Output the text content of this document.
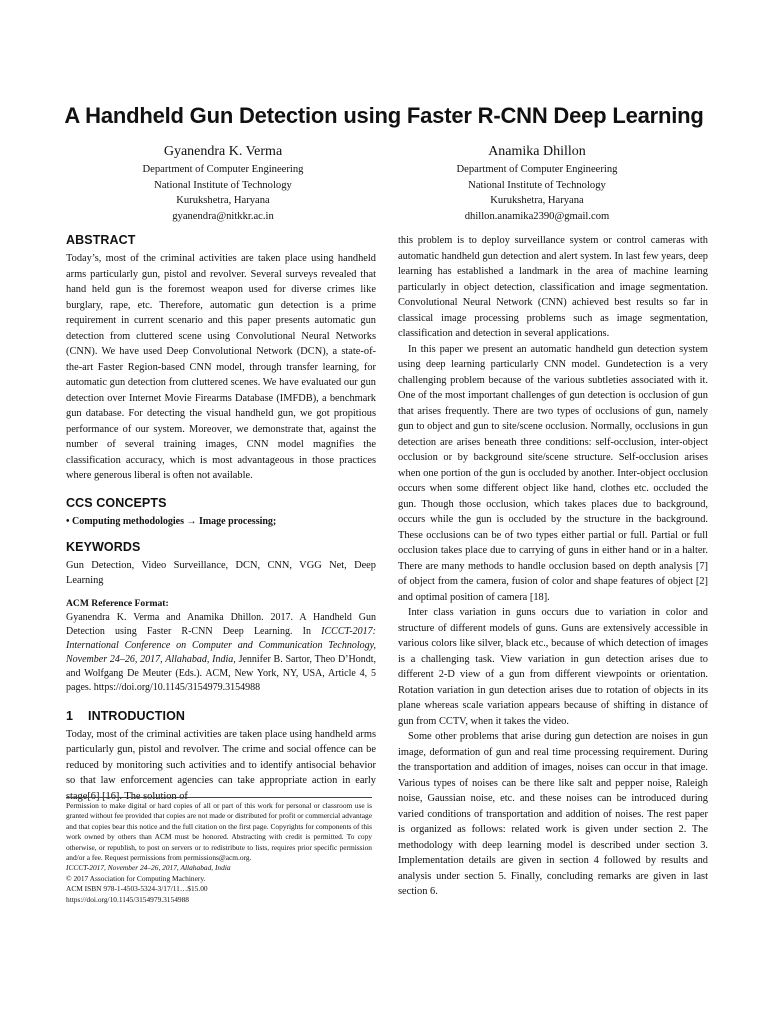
A Handheld Gun Detection using Faster R-CNN Deep Learning
Gyanendra K. Verma
Department of Computer Engineering
National Institute of Technology
Kurukshetra, Haryana
gyanendra@nitkkr.ac.in
Anamika Dhillon
Department of Computer Engineering
National Institute of Technology
Kurukshetra, Haryana
dhillon.anamika2390@gmail.com
ABSTRACT

Today’s, most of the criminal activities are taken place using handheld arms particularly gun, pistol and revolver. Several surveys revealed that hand held gun is the foremost weapon used for diverse crimes like burglary, rape, etc. Therefore, automatic gun detection is a prime requirement in current scenario and this paper presents automatic gun detection from cluttered scene using Convolutional Neural Networks (CNN). We have used Deep Convolutional Network (DCN), a state-of-the-art Faster Region-based CNN model, through transfer learning, for automatic gun detection from cluttered scenes. We have evaluated our gun detection over Internet Movie Firearms Database (IMFDB), a benchmark gun database. For detecting the visual handheld gun, we got propitious performance of our system. Moreover, we demonstrate that, against the number of several training images, CNN model magnifies the classification accuracy, which is most advantageous in those practices where generous liberal is often not available.

CCS CONCEPTS
• Computing methodologies → Image processing;
KEYWORDS

Gun Detection, Video Surveillance, DCN, CNN, VGG Net, Deep Learning

ACM Reference Format:

Gyanendra K. Verma and Anamika Dhillon. 2017. A Handheld Gun Detection using Faster R-CNN Deep Learning. In ICCCT-2017: International Conference on Computer and Communication Technology, November 24–26, 2017, Allahabad, India, Jennifer B. Sartor, Theo D’Hondt, and Wolfgang De Meuter (Eds.). ACM, New York, NY, USA, Article 4, 5 pages. https://doi.org/10.1145/3154979.3154988

1 INTRODUCTION

Today, most of the criminal activities are taken place using handheld arms particularly gun, pistol and revolver. The crime and social offence can be reduced by monitoring such activities and to identify antisocial behavior so that law enforcement agencies can take appropriate action in early stage[6] [16]. The solution of

Permission to make digital or hard copies of all or part of this work for personal or classroom use is granted without fee provided that copies are not made or distributed for profit or commercial advantage and that copies bear this notice and the full citation on the first page. Copyrights for components of this work owned by others than ACM must be honored. Abstracting with credit is permitted. To copy otherwise, or republish, to post on servers or to redistribute to lists, requires prior specific permission and/or a fee. Request permissions from permissions@acm.org.

ICCCT-2017, November 24–26, 2017, Allahabad, India
© 2017 Association for Computing Machinery.
ACM ISBN 978-1-4503-5324-3/17/11…$15.00
https://doi.org/10.1145/3154979.3154988

this problem is to deploy surveillance system or control cameras with automatic handheld gun detection and alert system. In last few years, deep learning has established a landmark in the area of machine learning particularly in object detection, classification and image segmentation. Convolutional Neural Network (CNN) achieved best results so far in classical image processing problems such as image segmentation, classification and detection in several applications.

In this paper we present an automatic handheld gun detection system using deep learning particularly CNN model. Gundetection is a very challenging problem because of the various subtleties associated with it. One of the most important challenges of gun detection is occlusion of gun that arises frequently. There are two types of occlusions of gun, namely gun to object and gun to site/scene occlusion. Normally, occlusions in gun detection are arises beneath three conditions: self-occlusion, inter-object occlusion or by background site/scene structure. Self-occlusion arises when one portion of the gun is occluded by another. Inter-object occlusion occurs when some different object like hand, clothes etc. occluded the gun. Though those occlusion, which takes places due to background, occurs while the gun is occluded by the structure in the background. These occlusions can be of two types either partial or full. Partial or full occlusion takes place due to carrying of guns in either hand or in a halter. There are many methods to handle occlusion based on depth analysis [7] of object from the camera, fusion of color and shape features of object [2] and optimal position of camera [18].

Inter class variation in guns occurs due to variation in color and structure of different models of guns. Guns are extensively accessible in various colors like silver, black etc., because of which detection of images is a challenging task. View variation in gun detection arises due to different 2-D view of a gun from different viewpoints or orientation. Rotation variation in gun detection arises due to rotation of objects in its plane whereas scale variation appears because of shifting in distance of gun from CCTV, when it takes the video.

Some other problems that arise during gun detection are noises in gun image, deformation of gun and real time processing requirement. During the transportation and addition of images, noises can occur in that image. Various types of noises can be there like salt and pepper noise, Raleigh noise, Gaussian noise, etc. and these noises can be introduced during varied conditions of transportation and addition of noises. The rest paper is organized as follows: related work is given under section 2. The methodology with deep learning model is described under section 3. Implementation details are given in section 4 followed by results and analysis under section 5. Finally, concluding remarks are given in last section 6.
